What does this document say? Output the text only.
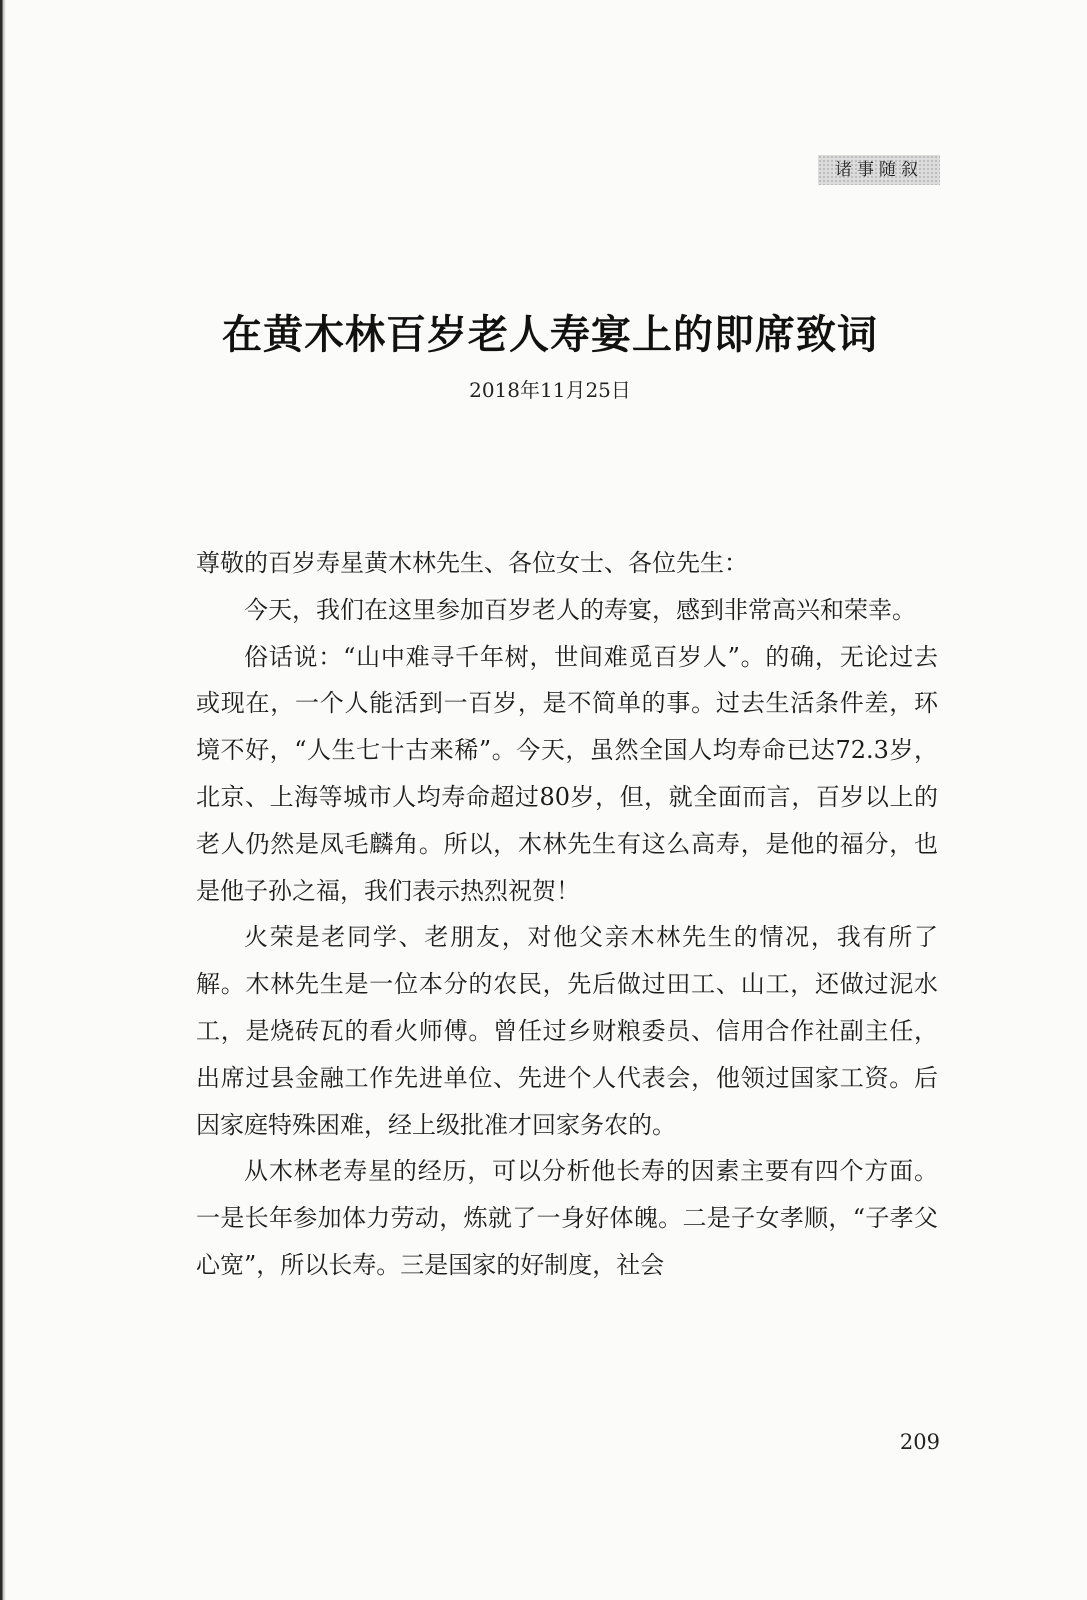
诸事随叙
在黄木林百岁老人寿宴上的即席致词
2018年11月25日

尊敬的百岁寿星黄木林先生、各位女士、各位先生：

今天，我们在这里参加百岁老人的寿宴，感到非常高兴和荣幸。

俗话说：“山中难寻千年树，世间难觅百岁人”。的确，无论过去或现在，一个人能活到一百岁，是不简单的事。过去生活条件差，环境不好，“人生七十古来稀”。今天，虽然全国人均寿命已达72.3岁，北京、上海等城市人均寿命超过80岁，但，就全面而言，百岁以上的老人仍然是凤毛麟角。所以，木林先生有这么高寿，是他的福分，也是他子孙之福，我们表示热烈祝贺！

火荣是老同学、老朋友，对他父亲木林先生的情况，我有所了解。木林先生是一位本分的农民，先后做过田工、山工，还做过泥水工，是烧砖瓦的看火师傅。曾任过乡财粮委员、信用合作社副主任，出席过县金融工作先进单位、先进个人代表会，他领过国家工资。后因家庭特殊困难，经上级批准才回家务农的。

从木林老寿星的经历，可以分析他长寿的因素主要有四个方面。一是长年参加体力劳动，炼就了一身好体魄。二是子女孝顺，“子孝父心宽”，所以长寿。三是国家的好制度，社会

209
